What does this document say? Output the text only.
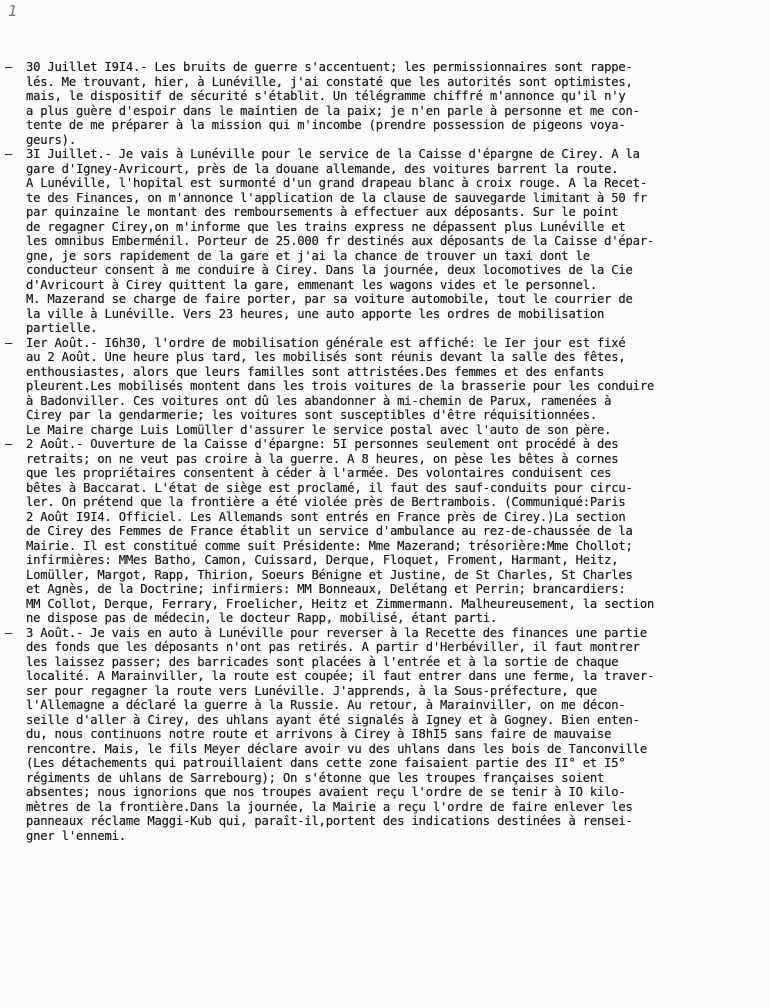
1
—	30 Juillet I9I4.- Les bruits de guerre s'accentuent; les permissionnaires sont rappe-
lés. Me trouvant, hier, à Lunéville, j'ai constaté que les autorités sont optimistes,
mais, le dispositif de sécurité s'établit. Un télégramme chiffré m'annonce qu'il n'y
a plus guère d'espoir dans le maintien de la paix; je n'en parle à personne et me con-
tente de me préparer à la mission qui m'incombe (prendre possession de pigeons voya-
geurs).
—	3I Juillet.- Je vais à Lunéville pour le service de la Caisse d'épargne de Cirey. A la
gare d'Igney-Avricourt, près de la douane allemande, des voitures barrent la route.
A Lunéville, l'hopital est surmonté d'un grand drapeau blanc à croix rouge. A la Recet-
te des Finances, on m'annonce l'application de la clause de sauvegarde limitant à 50 fr
par quinzaine le montant des remboursements à effectuer aux déposants. Sur le point
de regagner Cirey,on m'informe que les trains express ne dépassent plus Lunéville et
les omnibus Emberménil. Porteur de 25.000 fr destinés aux déposants de la Caisse d'épar-
gne, je sors rapidement de la gare et j'ai la chance de trouver un taxi dont le
conducteur consent à me conduire à Cirey. Dans la journée, deux locomotives de la Cie
d'Avricourt à Cirey quittent la gare, emmenant les wagons vides et le personnel.
M. Mazerand se charge de faire porter, par sa voiture automobile, tout le courrier de
la ville à Lunéville. Vers 23 heures, une auto apporte les ordres de mobilisation
partielle.
—	Ier Août.- I6h30, l'ordre de mobilisation générale est affiché: le Ier jour est fixé
au 2 Août. Une heure plus tard, les mobilisés sont réunis devant la salle des fêtes,
enthousiastes, alors que leurs familles sont attristées.Des femmes et des enfants
pleurent.Les mobilisés montent dans les trois voitures de la brasserie pour les conduire
à Badonviller. Ces voitures ont dû les abandonner à mi-chemin de Parux, ramenées à
Cirey par la gendarmerie; les voitures sont susceptibles d'être réquisitionnées.
Le Maire charge Luis Lomüller d'assurer le service postal avec l'auto de son père.
—	2 Août.- Ouverture de la Caisse d'épargne: 5I personnes seulement ont procédé à des
retraits; on ne veut pas croire à la guerre. A 8 heures, on pèse les bêtes à cornes
que les propriétaires consentent à céder à l'armée. Des volontaires conduisent ces
bêtes à Baccarat. L'état de siège est proclamé, il faut des sauf-conduits pour circu-
ler. On prétend que la frontière a été violée près de Bertrambois. (Communiqué:Paris
2 Août I9I4. Officiel. Les Allemands sont entrés en France près de Cirey.)La section
de Cirey des Femmes de France établit un service d'ambulance au rez-de-chaussée de la
Mairie. Il est constitué comme suit Présidente: Mme Mazerand; trésorière:Mme Chollot;
infirmières: MMes Batho, Camon, Cuissard, Derque, Floquet, Froment, Harmant, Heitz,
Lomüller, Margot, Rapp, Thirion, Soeurs Bénigne et Justine, de St Charles, St Charles
et Agnès, de la Doctrine; infirmiers: MM Bonneaux, Delétang et Perrin; brancardiers:
MM Collot, Derque, Ferrary, Froelicher, Heitz et Zimmermann. Malheureusement, la section
ne dispose pas de médecin, le docteur Rapp, mobilisé, étant parti.
—	3 Août.- Je vais en auto à Lunéville pour reverser à la Recette des finances une partie
des fonds que les déposants n'ont pas retirés. A partir d'Herbéviller, il faut montrer
les laissez passer; des barricades sont placées à l'entrée et à la sortie de chaque
localité. A Marainviller, la route est coupée; il faut entrer dans une ferme, la traver-
ser pour regagner la route vers Lunéville. J'apprends, à la Sous-préfecture, que
l'Allemagne a déclaré la guerre à la Russie. Au retour, à Marainviller, on me décon-
seille d'aller à Cirey, des uhlans ayant été signalés à Igney et à Gogney. Bien enten-
du, nous continuons notre route et arrivons à Cirey à I8hI5 sans faire de mauvaise
rencontre. Mais, le fils Meyer déclare avoir vu des uhlans dans les bois de Tanconville
(Les détachements qui patrouillaient dans cette zone faisaient partie des II° et I5°
régiments de uhlans de Sarrebourg); On s'étonne que les troupes françaises soient
absentes; nous ignorions que nos troupes avaient reçu l'ordre de se tenir à IO kilo-
mètres de la frontière.Dans la journée, la Mairie a reçu l'ordre de faire enlever les
panneaux réclame Maggi-Kub qui, paraît-il,portent des indications destinées à rensei-
gner l'ennemi.
